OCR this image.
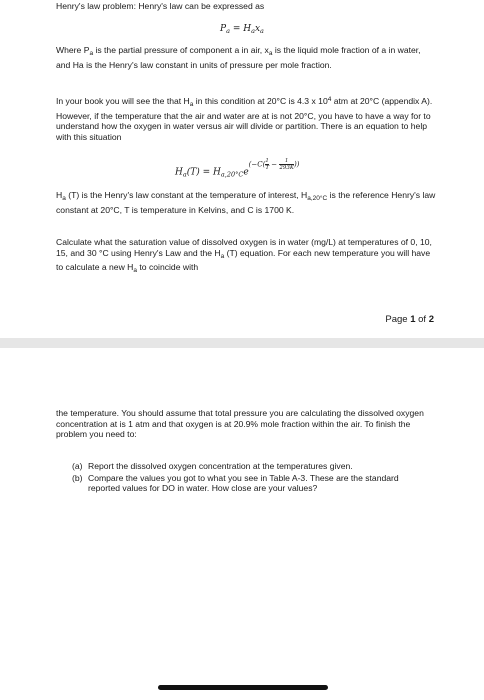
Henry's law problem: Henry's law can be expressed as

$P_a = H_ax_a$

Where $P_a$ is the partial pressure of component a in air, $x_a$ is the liquid mole fraction of a in water, and Ha is the Henry's law constant in units of pressure per mole fraction.

In your book you will see the that $H_a$ in this condition at 20°C is 4.3 x $10^4$ atm at 20°C (appendix A). However, if the temperature that the air and water are at is not 20°C, you have to have a way for to understand how the oxygen in water versus air will divide or partition. There is an equation to help with this situation

$H_a(T) = H_{a,20^\circ C}e(-C( \frac{1}{T} - \frac{1}{293K}$ ))

$H_a$ (T) is the Henry's law constant at the temperature of interest, $H_{a,20^\circ C}$ is the reference Henry's law constant at 20°C, T is temperature in Kelvins, and C is 1700 K.

Calculate what the saturation value of dissolved oxygen is in water (mg/L) at temperatures of 0, 10, 15, and 30 °C using Henry's Law and the $H_a$ (T) equation. For each new temperature you will have to calculate a new $H_a$ to coincide with

Page 1 of 2

the temperature. You should assume that total pressure you are calculating the dissolved oxygen concentration at is 1 atm and that oxygen is at 20.9% mole fraction within the air. To finish the problem you need to:

(a) Report the dissolved oxygen concentration at the temperatures given.
(b) Compare the values you got to what you see in Table A-3. These are the standard reported values for DO in water. How close are your values?
